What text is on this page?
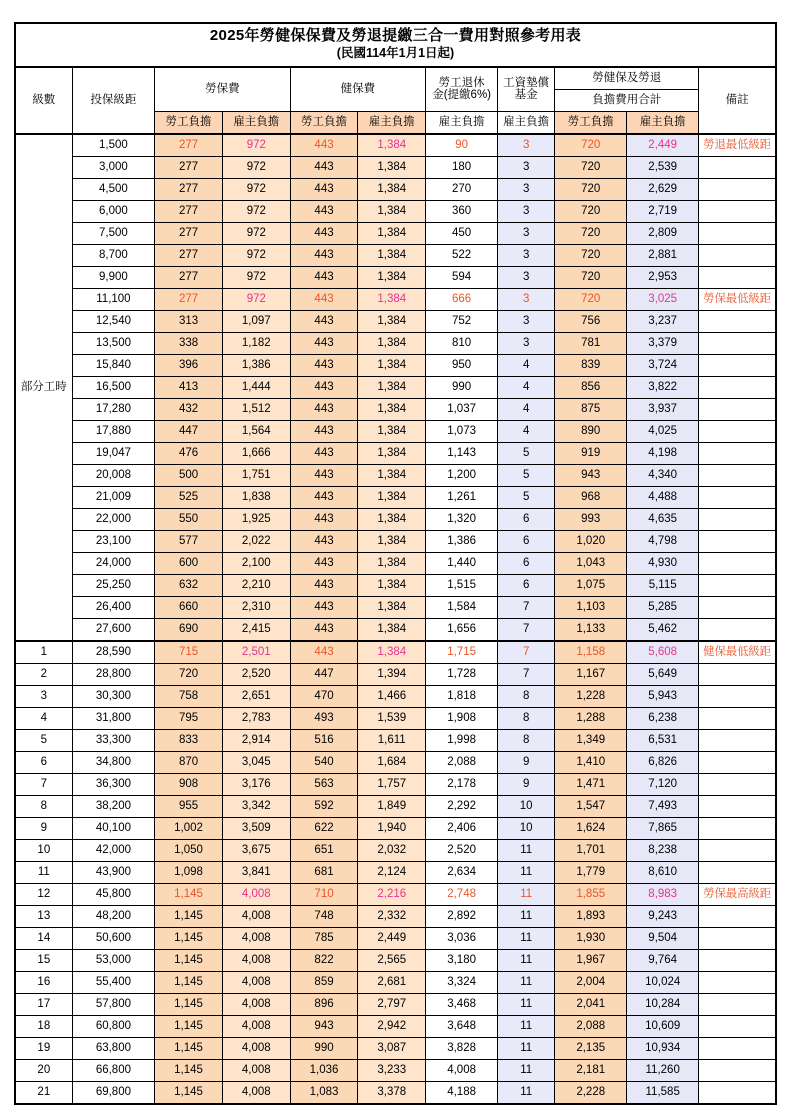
2025年勞健保保費及勞退提繳三合一費用對照參考用表
(民國114年1月1日起)										

級數	投保級距	勞保費		健保費		勞工退休
金(提繳6%)	工資墊償
基金	勞健保及勞退		備註
								負擔費用合計		
		勞工負擔	雇主負擔	勞工負擔	雇主負擔	雇主負擔	雇主負擔	勞工負擔	雇主負擔	
部分工時	1,500	277	972	443	1,384	90	3	720	2,449	勞退最低級距
	3,000	277	972	443	1,384	180	3	720	2,539	
	4,500	277	972	443	1,384	270	3	720	2,629	
	6,000	277	972	443	1,384	360	3	720	2,719	
	7,500	277	972	443	1,384	450	3	720	2,809	
	8,700	277	972	443	1,384	522	3	720	2,881	
	9,900	277	972	443	1,384	594	3	720	2,953	
	11,100	277	972	443	1,384	666	3	720	3,025	勞保最低級距
	12,540	313	1,097	443	1,384	752	3	756	3,237	
	13,500	338	1,182	443	1,384	810	3	781	3,379	
	15,840	396	1,386	443	1,384	950	4	839	3,724	
	16,500	413	1,444	443	1,384	990	4	856	3,822	
	17,280	432	1,512	443	1,384	1,037	4	875	3,937	
	17,880	447	1,564	443	1,384	1,073	4	890	4,025	
	19,047	476	1,666	443	1,384	1,143	5	919	4,198	
	20,008	500	1,751	443	1,384	1,200	5	943	4,340	
	21,009	525	1,838	443	1,384	1,261	5	968	4,488	
	22,000	550	1,925	443	1,384	1,320	6	993	4,635	
	23,100	577	2,022	443	1,384	1,386	6	1,020	4,798	
	24,000	600	2,100	443	1,384	1,440	6	1,043	4,930	
	25,250	632	2,210	443	1,384	1,515	6	1,075	5,115	
	26,400	660	2,310	443	1,384	1,584	7	1,103	5,285	
	27,600	690	2,415	443	1,384	1,656	7	1,133	5,462	
1	28,590	715	2,501	443	1,384	1,715	7	1,158	5,608	健保最低級距
2	28,800	720	2,520	447	1,394	1,728	7	1,167	5,649	
3	30,300	758	2,651	470	1,466	1,818	8	1,228	5,943	
4	31,800	795	2,783	493	1,539	1,908	8	1,288	6,238	
5	33,300	833	2,914	516	1,611	1,998	8	1,349	6,531	
6	34,800	870	3,045	540	1,684	2,088	9	1,410	6,826	
7	36,300	908	3,176	563	1,757	2,178	9	1,471	7,120	
8	38,200	955	3,342	592	1,849	2,292	10	1,547	7,493	
9	40,100	1,002	3,509	622	1,940	2,406	10	1,624	7,865	
10	42,000	1,050	3,675	651	2,032	2,520	11	1,701	8,238	
11	43,900	1,098	3,841	681	2,124	2,634	11	1,779	8,610	
12	45,800	1,145	4,008	710	2,216	2,748	11	1,855	8,983	勞保最高級距
13	48,200	1,145	4,008	748	2,332	2,892	11	1,893	9,243	
14	50,600	1,145	4,008	785	2,449	3,036	11	1,930	9,504	
15	53,000	1,145	4,008	822	2,565	3,180	11	1,967	9,764	
16	55,400	1,145	4,008	859	2,681	3,324	11	2,004	10,024	
17	57,800	1,145	4,008	896	2,797	3,468	11	2,041	10,284	
18	60,800	1,145	4,008	943	2,942	3,648	11	2,088	10,609	
19	63,800	1,145	4,008	990	3,087	3,828	11	2,135	10,934	
20	66,800	1,145	4,008	1,036	3,233	4,008	11	2,181	11,260	
21	69,800	1,145	4,008	1,083	3,378	4,188	11	2,228	11,585	
